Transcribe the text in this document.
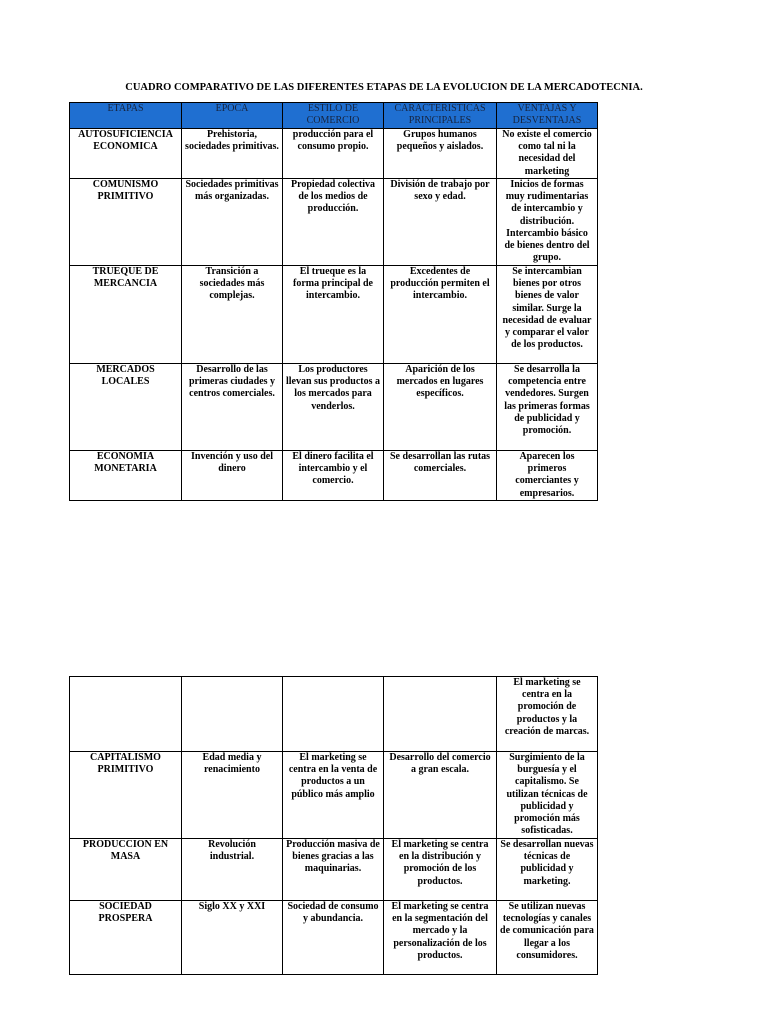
CUADRO COMPARATIVO DE LAS DIFERENTES ETAPAS DE LA EVOLUCION DE LA MERCADOTECNIA.
ETAPAS	EPOCA	ESTILO DE COMERCIO	CARACTERISTICAS PRINCIPALES	VENTAJAS Y DESVENTAJAS
AUTOSUFICIENCIA ECONOMICA	Prehistoria, sociedades primitivas.	producción para el consumo propio.	Grupos humanos pequeños y aislados.	No existe el comercio como tal ni la necesidad del marketing
COMUNISMO PRIMITIVO	Sociedades primitivas más organizadas.	Propiedad colectiva de los medios de producción.	División de trabajo por sexo y edad.	Inicios de formas muy rudimentarias de intercambio y distribución. Intercambio básico de bienes dentro del grupo.
TRUEQUE DE MERCANCIA	Transición a sociedades más complejas.	El trueque es la forma principal de intercambio.	Excedentes de producción permiten el intercambio.	Se intercambian bienes por otros bienes de valor similar. Surge la necesidad de evaluar y comparar el valor de los productos.
MERCADOS LOCALES	Desarrollo de las primeras ciudades y centros comerciales.	Los productores llevan sus productos a los mercados para venderlos.	Aparición de los mercados en lugares específicos.	Se desarrolla la competencia entre vendedores. Surgen las primeras formas de publicidad y promoción.
ECONOMIA MONETARIA	Invención y uso del dinero	El dinero facilita el intercambio y el comercio.	Se desarrollan las rutas comerciales.	Aparecen los primeros comerciantes y empresarios.
				El marketing se centra en la promoción de productos y la creación de marcas.
CAPITALISMO PRIMITIVO	Edad media y renacimiento	El marketing se centra en la venta de productos a un público más amplio	Desarrollo del comercio a gran escala.	Surgimiento de la burguesía y el capitalismo. Se utilizan técnicas de publicidad y promoción más sofisticadas.
PRODUCCION EN MASA	Revolución industrial.	Producción masiva de bienes gracias a las maquinarias.	El marketing se centra en la distribución y promoción de los productos.	Se desarrollan nuevas técnicas de publicidad y marketing.
SOCIEDAD PROSPERA	Siglo XX y XXI	Sociedad de consumo y abundancia.	El marketing se centra en la segmentación del mercado y la personalización de los productos.	Se utilizan nuevas tecnologías y canales de comunicación para llegar a los consumidores.
